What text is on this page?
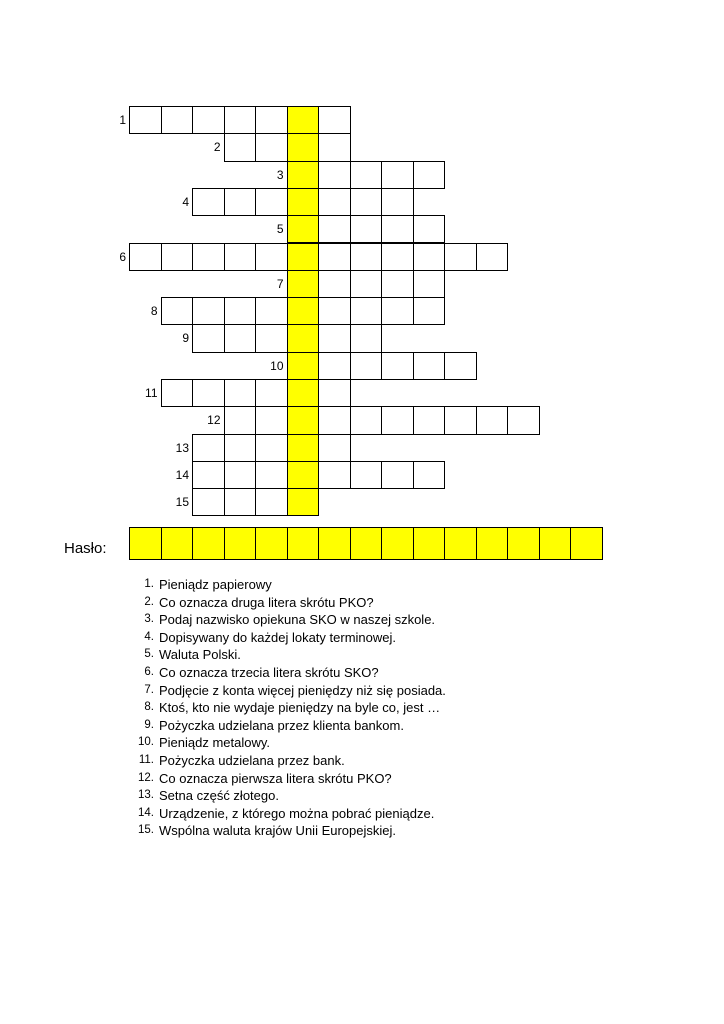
1
2
3
4
5
6
7
8
9
10
11
12
13
14
15
Hasło:
1. Pieniądz papierowy
2. Co oznacza druga litera skrótu PKO?
3. Podaj nazwisko opiekuna SKO w naszej szkole.
4. Dopisywany do każdej lokaty terminowej.
5. Waluta Polski.
6. Co oznacza trzecia litera skrótu SKO?
7. Podjęcie z konta więcej pieniędzy niż się posiada.
8. Ktoś, kto nie wydaje pieniędzy na byle co, jest …
9. Pożyczka udzielana przez klienta bankom.
10. Pieniądz metalowy.
11. Pożyczka udzielana przez bank.
12. Co oznacza pierwsza litera skrótu PKO?
13. Setna część złotego.
14. Urządzenie, z którego można pobrać pieniądze.
15. Wspólna waluta krajów Unii Europejskiej.
